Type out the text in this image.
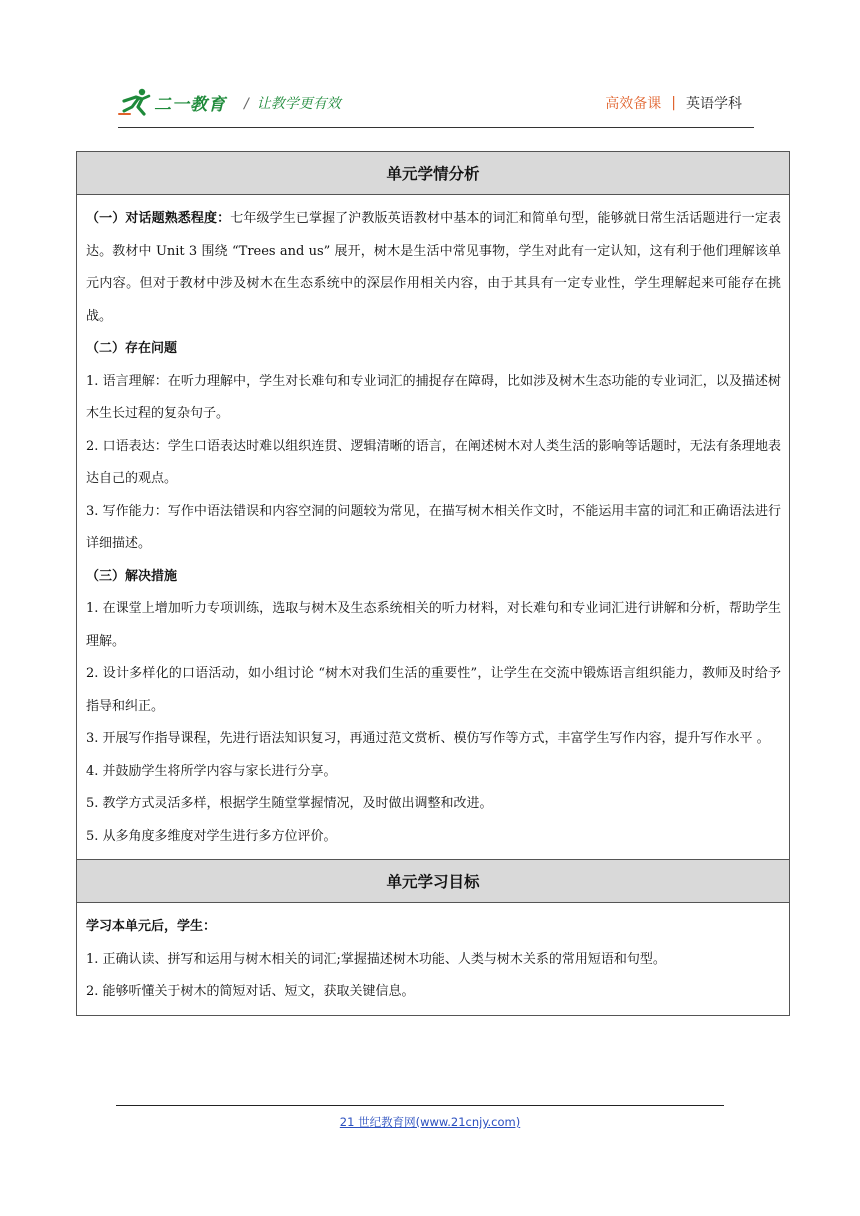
二一教育 / 让教学更有效	高效备课 | 英语学科
单元学情分析

（一）对话题熟悉程度：七年级学生已掌握了沪教版英语教材中基本的词汇和简单句型，能够就日常生活话题进行一定表达。教材中 Unit 3 围绕 “Trees and us” 展开，树木是生活中常见事物，学生对此有一定认知，这有利于他们理解该单元内容。但对于教材中涉及树木在生态系统中的深层作用相关内容，由于其具有一定专业性，学生理解起来可能存在挑战。

（二）存在问题

1. 语言理解：在听力理解中，学生对长难句和专业词汇的捕捉存在障碍，比如涉及树木生态功能的专业词汇，以及描述树木生长过程的复杂句子。

2. 口语表达：学生口语表达时难以组织连贯、逻辑清晰的语言，在阐述树木对人类生活的影响等话题时，无法有条理地表达自己的观点。

3. 写作能力：写作中语法错误和内容空洞的问题较为常见，在描写树木相关作文时，不能运用丰富的词汇和正确语法进行详细描述。

（三）解决措施

1. 在课堂上增加听力专项训练，选取与树木及生态系统相关的听力材料，对长难句和专业词汇进行讲解和分析，帮助学生理解。

2. 设计多样化的口语活动，如小组讨论 “树木对我们生活的重要性”，让学生在交流中锻炼语言组织能力，教师及时给予指导和纠正。

3. 开展写作指导课程，先进行语法知识复习，再通过范文赏析、模仿写作等方式，丰富学生写作内容，提升写作水平 。

4. 并鼓励学生将所学内容与家长进行分享。

5. 教学方式灵活多样，根据学生随堂掌握情况，及时做出调整和改进。

5. 从多角度多维度对学生进行多方位评价。

单元学习目标

学习本单元后，学生：

1. 正确认读、拼写和运用与树木相关的词汇;掌握描述树木功能、人类与树木关系的常用短语和句型。

2. 能够听懂关于树木的简短对话、短文，获取关键信息。

21 世纪教育网(www.21cnjy.com)
